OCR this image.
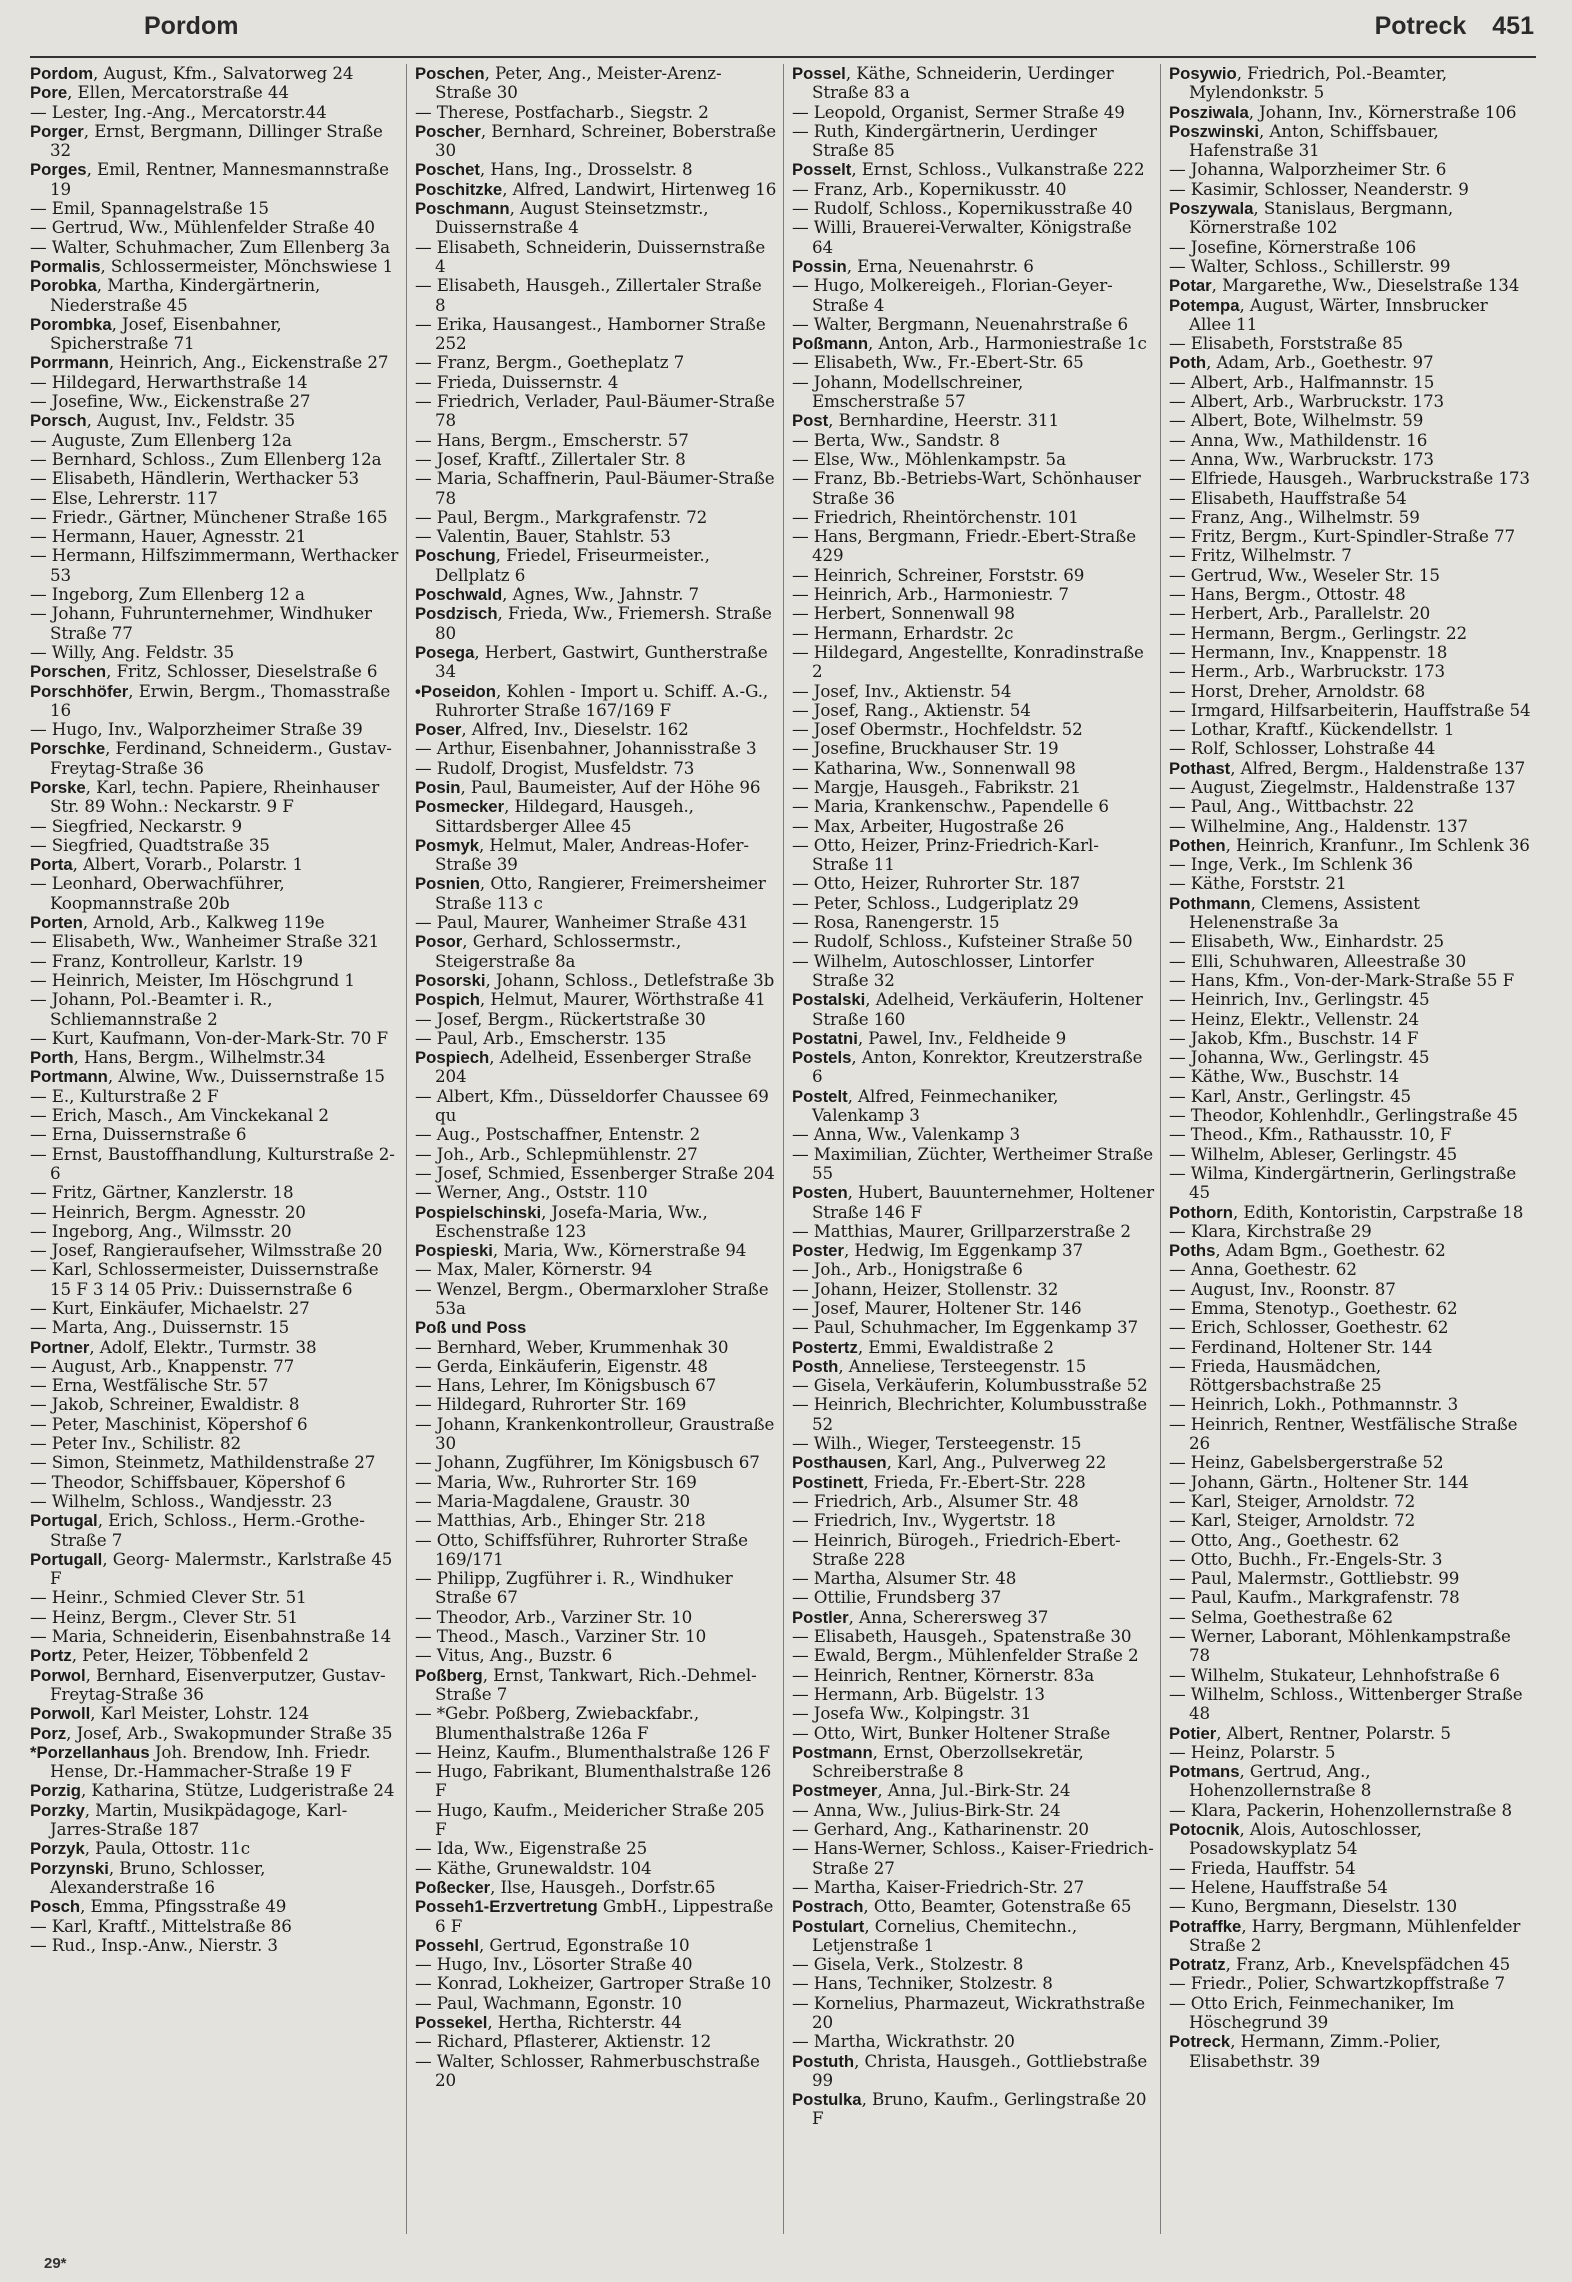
Pordom	Potreck 451
Pordom, August, Kfm., Salvatorweg 24
Pore, Ellen, Mercatorstraße 44
— Lester, Ing.-Ang., Mercatorstr.44
Porger, Ernst, Bergmann, Dillinger Straße 32
Porges, Emil, Rentner, Mannesmannstraße 19
— Emil, Spannagelstraße 15
— Gertrud, Ww., Mühlenfelder Straße 40
— Walter, Schuhmacher, Zum Ellenberg 3a
Pormalis, Schlossermeister, Mönchswiese 1
Porobka, Martha, Kindergärtnerin, Niederstraße 45
Porombka, Josef, Eisenbahner, Spicherstraße 71
Porrmann, Heinrich, Ang., Eickenstraße 27
— Hildegard, Herwarthstraße 14
— Josefine, Ww., Eickenstraße 27
Porsch, August, Inv., Feldstr. 35
— Auguste, Zum Ellenberg 12a
— Bernhard, Schloss., Zum Ellenberg 12a
— Elisabeth, Händlerin, Werthacker 53
— Else, Lehrerstr. 117
— Friedr., Gärtner, Münchener Straße 165
— Hermann, Hauer, Agnesstr. 21
— Hermann, Hilfszimmermann, Werthacker 53
— Ingeborg, Zum Ellenberg 12 a
— Johann, Fuhrunternehmer, Windhuker Straße 77
— Willy, Ang. Feldstr. 35
Porschen, Fritz, Schlosser, Dieselstraße 6
Porschhöfer, Erwin, Bergm., Thomasstraße 16
— Hugo, Inv., Walporzheimer Straße 39
Porschke, Ferdinand, Schneiderm., Gustav-Freytag-Straße 36
Porske, Karl, techn. Papiere, Rheinhauser Str. 89 Wohn.: Neckarstr. 9 F
— Siegfried, Neckarstr. 9
— Siegfried, Quadtstraße 35
Porta, Albert, Vorarb., Polarstr. 1
— Leonhard, Oberwachführer, Koopmannstraße 20b
Porten, Arnold, Arb., Kalkweg 119e
— Elisabeth, Ww., Wanheimer Straße 321
— Franz, Kontrolleur, Karlstr. 19
— Heinrich, Meister, Im Höschgrund 1
— Johann, Pol.-Beamter i. R., Schliemannstraße 2
— Kurt, Kaufmann, Von-der-Mark-Str. 70 F
Porth, Hans, Bergm., Wilhelmstr.34
Portmann, Alwine, Ww., Duissernstraße 15
— E., Kulturstraße 2 F
— Erich, Masch., Am Vinckekanal 2
— Erna, Duissernstraße 6
— Ernst, Baustoffhandlung, Kulturstraße 2-6
— Fritz, Gärtner, Kanzlerstr. 18
— Heinrich, Bergm. Agnesstr. 20
— Ingeborg, Ang., Wilmsstr. 20
— Josef, Rangieraufseher, Wilmsstraße 20
— Karl, Schlossermeister, Duissernstraße 15 F 3 14 05 Priv.: Duissernstraße 6
— Kurt, Einkäufer, Michaelstr. 27
— Marta, Ang., Duissernstr. 15
Portner, Adolf, Elektr., Turmstr. 38
— August, Arb., Knappenstr. 77
— Erna, Westfälische Str. 57
— Jakob, Schreiner, Ewaldistr. 8
— Peter, Maschinist, Köpershof 6
— Peter Inv., Schilistr. 82
— Simon, Steinmetz, Mathildenstraße 27
— Theodor, Schiffsbauer, Köpershof 6
— Wilhelm, Schloss., Wandjesstr. 23
Portugal, Erich, Schloss., Herm.-Grothe-Straße 7
Portugall, Georg- Malermstr., Karlstraße 45 F
— Heinr., Schmied Clever Str. 51
— Heinz, Bergm., Clever Str. 51
— Maria, Schneiderin, Eisenbahnstraße 14
Portz, Peter, Heizer, Többenfeld 2
Porwol, Bernhard, Eisenverputzer, Gustav-Freytag-Straße 36
Porwoll, Karl Meister, Lohstr. 124
Porz, Josef, Arb., Swakopmunder Straße 35
*Porzellanhaus Joh. Brendow, Inh. Friedr. Hense, Dr.-Hammacher-Straße 19 F
Porzig, Katharina, Stütze, Ludgeristraße 24
Porzky, Martin, Musikpädagoge, Karl-Jarres-Straße 187
Porzyk, Paula, Ottostr. 11c
Porzynski, Bruno, Schlosser, Alexanderstraße 16
Posch, Emma, Pfingsstraße 49
— Karl, Kraftf., Mittelstraße 86
— Rud., Insp.-Anw., Nierstr. 3
Poschen, Peter, Ang., Meister-Arenz-Straße 30
— Therese, Postfacharb., Siegstr. 2
Poscher, Bernhard, Schreiner, Boberstraße 30
Poschet, Hans, Ing., Drosselstr. 8
Poschitzke, Alfred, Landwirt, Hirtenweg 16
Poschmann, August Steinsetzmstr., Duissernstraße 4
— Elisabeth, Schneiderin, Duissernstraße 4
— Elisabeth, Hausgeh., Zillertaler Straße 8
— Erika, Hausangest., Hamborner Straße 252
— Franz, Bergm., Goetheplatz 7
— Frieda, Duissernstr. 4
— Friedrich, Verlader, Paul-Bäumer-Straße 78
— Hans, Bergm., Emscherstr. 57
— Josef, Kraftf., Zillertaler Str. 8
— Maria, Schaffnerin, Paul-Bäumer-Straße 78
— Paul, Bergm., Markgrafenstr. 72
— Valentin, Bauer, Stahlstr. 53
Poschung, Friedel, Friseurmeister., Dellplatz 6
Poschwald, Agnes, Ww., Jahnstr. 7
Posdzisch, Frieda, Ww., Friemersh. Straße 80
Posega, Herbert, Gastwirt, Guntherstraße 34
•Poseidon, Kohlen - Import u. Schiff. A.-G., Ruhrorter Straße 167/169 F
Poser, Alfred, Inv., Dieselstr. 162
— Arthur, Eisenbahner, Johannisstraße 3
— Rudolf, Drogist, Musfeldstr. 73
Posin, Paul, Baumeister, Auf der Höhe 96
Posmecker, Hildegard, Hausgeh., Sittardsberger Allee 45
Posmyk, Helmut, Maler, Andreas-Hofer-Straße 39
Posnien, Otto, Rangierer, Freimersheimer Straße 113 c
— Paul, Maurer, Wanheimer Straße 431
Posor, Gerhard, Schlossermstr., Steigerstraße 8a
Posorski, Johann, Schloss., Detlefstraße 3b
Pospich, Helmut, Maurer, Wörthstraße 41
— Josef, Bergm., Rückertstraße 30
— Paul, Arb., Emscherstr. 135
Pospiech, Adelheid, Essenberger Straße 204
— Albert, Kfm., Düsseldorfer Chaussee 69 qu
— Aug., Postschaffner, Entenstr. 2
— Joh., Arb., Schlepmühlenstr. 27
— Josef, Schmied, Essenberger Straße 204
— Werner, Ang., Oststr. 110
Pospielschinski, Josefa-Maria, Ww., Eschenstraße 123
Pospieski, Maria, Ww., Körnerstraße 94
— Max, Maler, Körnerstr. 94
— Wenzel, Bergm., Obermarxloher Straße 53a
Poß und Poss
— Bernhard, Weber, Krummenhak 30
— Gerda, Einkäuferin, Eigenstr. 48
— Hans, Lehrer, Im Königsbusch 67
— Hildegard, Ruhrorter Str. 169
— Johann, Krankenkontrolleur, Graustraße 30
— Johann, Zugführer, Im Königsbusch 67
— Maria, Ww., Ruhrorter Str. 169
— Maria-Magdalene, Graustr. 30
— Matthias, Arb., Ehinger Str. 218
— Otto, Schiffsführer, Ruhrorter Straße 169/171
— Philipp, Zugführer i. R., Windhuker Straße 67
— Theodor, Arb., Varziner Str. 10
— Theod., Masch., Varziner Str. 10
— Vitus, Ang., Buzstr. 6
Poßberg, Ernst, Tankwart, Rich.-Dehmel-Straße 7
— *Gebr. Poßberg, Zwiebackfabr., Blumenthalstraße 126a F
— Heinz, Kaufm., Blumenthalstraße 126 F
— Hugo, Fabrikant, Blumenthalstraße 126 F
— Hugo, Kaufm., Meidericher Straße 205 F
— Ida, Ww., Eigenstraße 25
— Käthe, Grunewaldstr. 104
Poßecker, Ilse, Hausgeh., Dorfstr.65
Posseh1-Erzvertretung GmbH., Lippestraße 6 F
Possehl, Gertrud, Egonstraße 10
— Hugo, Inv., Lösorter Straße 40
— Konrad, Lokheizer, Gartroper Straße 10
— Paul, Wachmann, Egonstr. 10
Possekel, Hertha, Richterstr. 44
— Richard, Pflasterer, Aktienstr. 12
— Walter, Schlosser, Rahmerbuschstraße 20
Possel, Käthe, Schneiderin, Uerdinger Straße 83 a
— Leopold, Organist, Sermer Straße 49
— Ruth, Kindergärtnerin, Uerdinger Straße 85
Posselt, Ernst, Schloss., Vulkanstraße 222
— Franz, Arb., Kopernikusstr. 40
— Rudolf, Schloss., Kopernikusstraße 40
— Willi, Brauerei-Verwalter, Königstraße 64
Possin, Erna, Neuenahrstr. 6
— Hugo, Molkereigeh., Florian-Geyer-Straße 4
— Walter, Bergmann, Neuenahrstraße 6
Poßmann, Anton, Arb., Harmoniestraße 1c
— Elisabeth, Ww., Fr.-Ebert-Str. 65
— Johann, Modellschreiner, Emscherstraße 57
Post, Bernhardine, Heerstr. 311
— Berta, Ww., Sandstr. 8
— Else, Ww., Möhlenkampstr. 5a
— Franz, Bb.-Betriebs-Wart, Schönhauser Straße 36
— Friedrich, Rheintörchenstr. 101
— Hans, Bergmann, Friedr.-Ebert-Straße 429
— Heinrich, Schreiner, Forststr. 69
— Heinrich, Arb., Harmoniestr. 7
— Herbert, Sonnenwall 98
— Hermann, Erhardstr. 2c
— Hildegard, Angestellte, Konradinstraße 2
— Josef, Inv., Aktienstr. 54
— Josef, Rang., Aktienstr. 54
— Josef Obermstr., Hochfeldstr. 52
— Josefine, Bruckhauser Str. 19
— Katharina, Ww., Sonnenwall 98
— Margje, Hausgeh., Fabrikstr. 21
— Maria, Krankenschw., Papendelle 6
— Max, Arbeiter, Hugostraße 26
— Otto, Heizer, Prinz-Friedrich-Karl-Straße 11
— Otto, Heizer, Ruhrorter Str. 187
— Peter, Schloss., Ludgeriplatz 29
— Rosa, Ranengerstr. 15
— Rudolf, Schloss., Kufsteiner Straße 50
— Wilhelm, Autoschlosser, Lintorfer Straße 32
Postalski, Adelheid, Verkäuferin, Holtener Straße 160
Postatni, Pawel, Inv., Feldheide 9
Postels, Anton, Konrektor, Kreutzerstraße 6
Postelt, Alfred, Feinmechaniker, Valenkamp 3
— Anna, Ww., Valenkamp 3
— Maximilian, Züchter, Wertheimer Straße 55
Posten, Hubert, Bauunternehmer, Holtener Straße 146 F
— Matthias, Maurer, Grillparzerstraße 2
Poster, Hedwig, Im Eggenkamp 37
— Joh., Arb., Honigstraße 6
— Johann, Heizer, Stollenstr. 32
— Josef, Maurer, Holtener Str. 146
— Paul, Schuhmacher, Im Eggenkamp 37
Postertz, Emmi, Ewaldistraße 2
Posth, Anneliese, Tersteegenstr. 15
— Gisela, Verkäuferin, Kolumbusstraße 52
— Heinrich, Blechrichter, Kolumbusstraße 52
— Wilh., Wieger, Tersteegenstr. 15
Posthausen, Karl, Ang., Pulverweg 22
Postinett, Frieda, Fr.-Ebert-Str. 228
— Friedrich, Arb., Alsumer Str. 48
— Friedrich, Inv., Wygertstr. 18
— Heinrich, Bürogeh., Friedrich-Ebert-Straße 228
— Martha, Alsumer Str. 48
— Ottilie, Frundsberg 37
Postler, Anna, Scherersweg 37
— Elisabeth, Hausgeh., Spatenstraße 30
— Ewald, Bergm., Mühlenfelder Straße 2
— Heinrich, Rentner, Körnerstr. 83a
— Hermann, Arb. Bügelstr. 13
— Josefa Ww., Kolpingstr. 31
— Otto, Wirt, Bunker Holtener Straße
Postmann, Ernst, Oberzollsekretär, Schreiberstraße 8
Postmeyer, Anna, Jul.-Birk-Str. 24
— Anna, Ww., Julius-Birk-Str. 24
— Gerhard, Ang., Katharinenstr. 20
— Hans-Werner, Schloss., Kaiser-Friedrich-Straße 27
— Martha, Kaiser-Friedrich-Str. 27
Postrach, Otto, Beamter, Gotenstraße 65
Postulart, Cornelius, Chemitechn., Letjenstraße 1
— Gisela, Verk., Stolzestr. 8
— Hans, Techniker, Stolzestr. 8
— Kornelius, Pharmazeut, Wickrathstraße 20
— Martha, Wickrathstr. 20
Postuth, Christa, Hausgeh., Gottliebstraße 99
Postulka, Bruno, Kaufm., Gerlingstraße 20 F
Posywio, Friedrich, Pol.-Beamter, Mylendonkstr. 5
Posziwala, Johann, Inv., Körnerstraße 106
Poszwinski, Anton, Schiffsbauer, Hafenstraße 31
— Johanna, Walporzheimer Str. 6
— Kasimir, Schlosser, Neanderstr. 9
Poszywala, Stanislaus, Bergmann, Körnerstraße 102
— Josefine, Körnerstraße 106
— Walter, Schloss., Schillerstr. 99
Potar, Margarethe, Ww., Dieselstraße 134
Potempa, August, Wärter, Innsbrucker Allee 11
— Elisabeth, Forststraße 85
Poth, Adam, Arb., Goethestr. 97
— Albert, Arb., Halfmannstr. 15
— Albert, Arb., Warbruckstr. 173
— Albert, Bote, Wilhelmstr. 59
— Anna, Ww., Mathildenstr. 16
— Anna, Ww., Warbruckstr. 173
— Elfriede, Hausgeh., Warbruckstraße 173
— Elisabeth, Hauffstraße 54
— Franz, Ang., Wilhelmstr. 59
— Fritz, Bergm., Kurt-Spindler-Straße 77
— Fritz, Wilhelmstr. 7
— Gertrud, Ww., Weseler Str. 15
— Hans, Bergm., Ottostr. 48
— Herbert, Arb., Parallelstr. 20
— Hermann, Bergm., Gerlingstr. 22
— Hermann, Inv., Knappenstr. 18
— Herm., Arb., Warbruckstr. 173
— Horst, Dreher, Arnoldstr. 68
— Irmgard, Hilfsarbeiterin, Hauffstraße 54
— Lothar, Kraftf., Kückendellstr. 1
— Rolf, Schlosser, Lohstraße 44
Pothast, Alfred, Bergm., Haldenstraße 137
— August, Ziegelmstr., Haldenstraße 137
— Paul, Ang., Wittbachstr. 22
— Wilhelmine, Ang., Haldenstr. 137
Pothen, Heinrich, Kranfunr., Im Schlenk 36
— Inge, Verk., Im Schlenk 36
— Käthe, Forststr. 21
Pothmann, Clemens, Assistent Helenenstraße 3a
— Elisabeth, Ww., Einhardstr. 25
— Elli, Schuhwaren, Alleestraße 30
— Hans, Kfm., Von-der-Mark-Straße 55 F
— Heinrich, Inv., Gerlingstr. 45
— Heinz, Elektr., Vellenstr. 24
— Jakob, Kfm., Buschstr. 14 F
— Johanna, Ww., Gerlingstr. 45
— Käthe, Ww., Buschstr. 14
— Karl, Anstr., Gerlingstr. 45
— Theodor, Kohlenhdlr., Gerlingstraße 45
— Theod., Kfm., Rathausstr. 10, F
— Wilhelm, Ableser, Gerlingstr. 45
— Wilma, Kindergärtnerin, Gerlingstraße 45
Pothorn, Edith, Kontoristin, Carpstraße 18
— Klara, Kirchstraße 29
Poths, Adam Bgm., Goethestr. 62
— Anna, Goethestr. 62
— August, Inv., Roonstr. 87
— Emma, Stenotyp., Goethestr. 62
— Erich, Schlosser, Goethestr. 62
— Ferdinand, Holtener Str. 144
— Frieda, Hausmädchen, Röttgersbachstraße 25
— Heinrich, Lokh., Pothmannstr. 3
— Heinrich, Rentner, Westfälische Straße 26
— Heinz, Gabelsbergerstraße 52
— Johann, Gärtn., Holtener Str. 144
— Karl, Steiger, Arnoldstr. 72
— Karl, Steiger, Arnoldstr. 72
— Otto, Ang., Goethestr. 62
— Otto, Buchh., Fr.-Engels-Str. 3
— Paul, Malermstr., Gottliebstr. 99
— Paul, Kaufm., Markgrafenstr. 78
— Selma, Goethestraße 62
— Werner, Laborant, Möhlenkampstraße 78
— Wilhelm, Stukateur, Lehnhofstraße 6
— Wilhelm, Schloss., Wittenberger Straße 48
Potier, Albert, Rentner, Polarstr. 5
— Heinz, Polarstr. 5
Potmans, Gertrud, Ang., Hohenzollernstraße 8
— Klara, Packerin, Hohenzollernstraße 8
Potocnik, Alois, Autoschlosser, Posadowskyplatz 54
— Frieda, Hauffstr. 54
— Helene, Hauffstraße 54
— Kuno, Bergmann, Dieselstr. 130
Potraffke, Harry, Bergmann, Mühlenfelder Straße 2
Potratz, Franz, Arb., Knevelspfädchen 45
— Friedr., Polier, Schwartzkopffstraße 7
— Otto Erich, Feinmechaniker, Im Höschegrund 39
Potreck, Hermann, Zimm.-Polier, Elisabethstr. 39
29*
